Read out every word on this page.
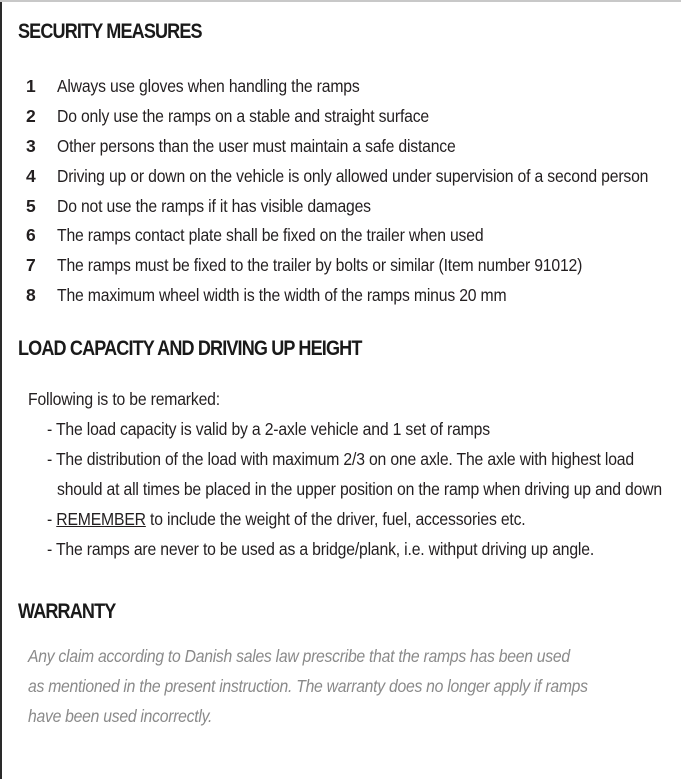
SECURITY MEASURES
1 Always use gloves when handling the ramps
2 Do only use the ramps on a stable and straight surface
3 Other persons than the user must maintain a safe distance
4 Driving up or down on the vehicle is only allowed under supervision of a second person
5 Do not use the ramps if it has visible damages
6 The ramps contact plate shall be fixed on the trailer when used
7 The ramps must be fixed to the trailer by bolts or similar (Item number 91012)
8 The maximum wheel width is the width of the ramps minus 20 mm
LOAD CAPACITY AND DRIVING UP HEIGHT
Following is to be remarked:
- The load capacity is valid by a 2-axle vehicle and 1 set of ramps
- The distribution of the load with maximum 2/3 on one axle. The axle with highest load
should at all times be placed in the upper position on the ramp when driving up and down
- REMEMBER to include the weight of the driver, fuel, accessories etc.
- The ramps are never to be used as a bridge/plank, i.e. withput driving up angle.
WARRANTY
Any claim according to Danish sales law prescribe that the ramps has been used
as mentioned in the present instruction. The warranty does no longer apply if ramps
have been used incorrectly.
